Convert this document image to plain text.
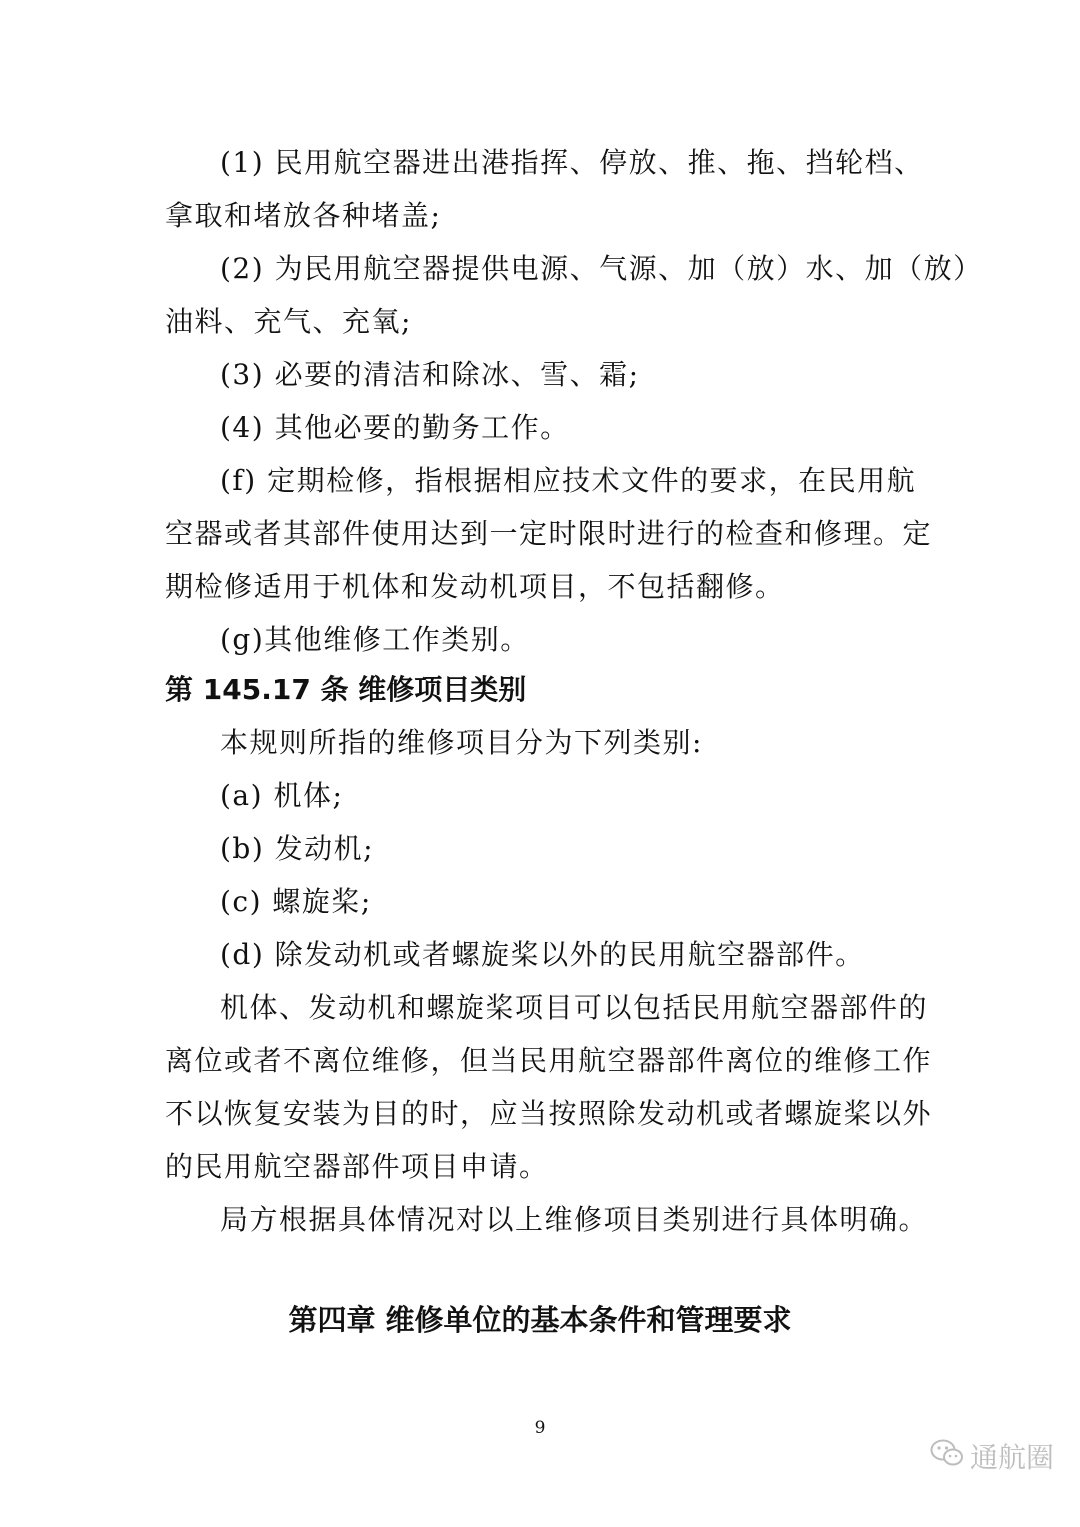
(1) 民用航空器进出港指挥、停放、推、拖、挡轮档、
拿取和堵放各种堵盖;
(2) 为民用航空器提供电源、气源、加（放）水、加（放）
油料、充气、充氧;
(3) 必要的清洁和除冰、雪、霜;
(4) 其他必要的勤务工作。
(f) 定期检修，指根据相应技术文件的要求，在民用航
空器或者其部件使用达到一定时限时进行的检查和修理。定
期检修适用于机体和发动机项目，不包括翻修。
(g)其他维修工作类别。
第 145.17 条 维修项目类别
本规则所指的维修项目分为下列类别:
(a) 机体;
(b) 发动机;
(c) 螺旋桨;
(d) 除发动机或者螺旋桨以外的民用航空器部件。
机体、发动机和螺旋桨项目可以包括民用航空器部件的
离位或者不离位维修，但当民用航空器部件离位的维修工作
不以恢复安装为目的时，应当按照除发动机或者螺旋桨以外
的民用航空器部件项目申请。
局方根据具体情况对以上维修项目类别进行具体明确。
第四章 维修单位的基本条件和管理要求
9
通航圈
